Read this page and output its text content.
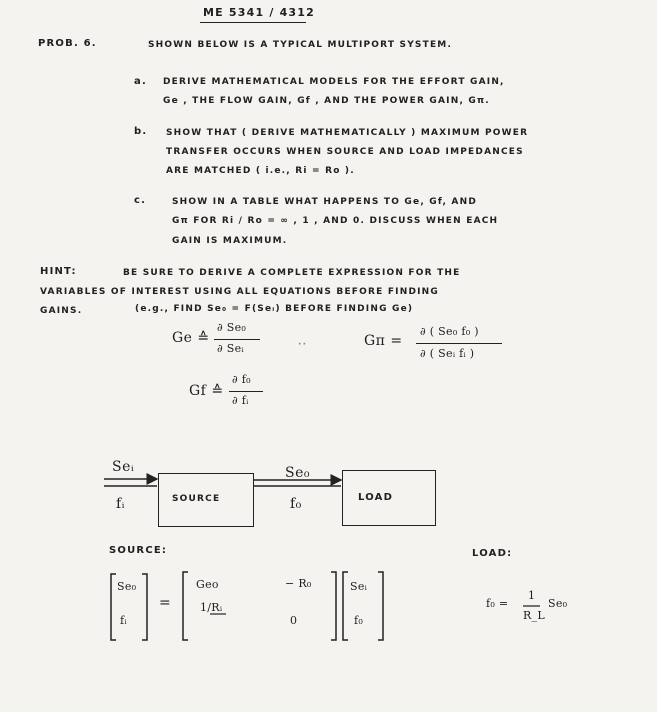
ME 5341 / 4312
PROB. 6.	SHOWN BELOW IS A TYPICAL MULTIPORT SYSTEM.
a. DERIVE MATHEMATICAL MODELS FOR THE EFFORT GAIN,
Ge , THE FLOW GAIN, Gf , AND THE POWER GAIN, Gπ.
b. SHOW THAT ( DERIVE MATHEMATICALLY ) MAXIMUM POWER
TRANSFER OCCURS WHEN SOURCE AND LOAD IMPEDANCES
ARE MATCHED ( i.e., Ri = Ro ).
c.	SHOW IN A TABLE WHAT HAPPENS TO Ge, Gf, AND
Gπ FOR Ri / Ro = ∞ , 1 , AND 0. DISCUSS WHEN EACH
GAIN IS MAXIMUM.
HINT:	BE SURE TO DERIVE A COMPLETE EXPRESSION FOR THE
VARIABLES OF INTEREST USING ALL EQUATIONS BEFORE FINDING
GAINS.	(e.g., FIND Se₀ = F(Seᵢ) BEFORE FINDING Ge)
Ge ≙
∂ Se₀
∂ Seᵢ	··	Gπ =
∂ ( Se₀ f₀ )
∂ ( Seᵢ fᵢ )
Gf ≙
∂ f₀
∂ fᵢ
Seᵢ
fᵢ
Se₀
f₀
SOURCE	LOAD
SOURCE:
Se₀
fᵢ
=
Geo	− R₀
1/Rᵢ
0
Seᵢ
f₀
LOAD:
f₀ =
1
R_L
Se₀
